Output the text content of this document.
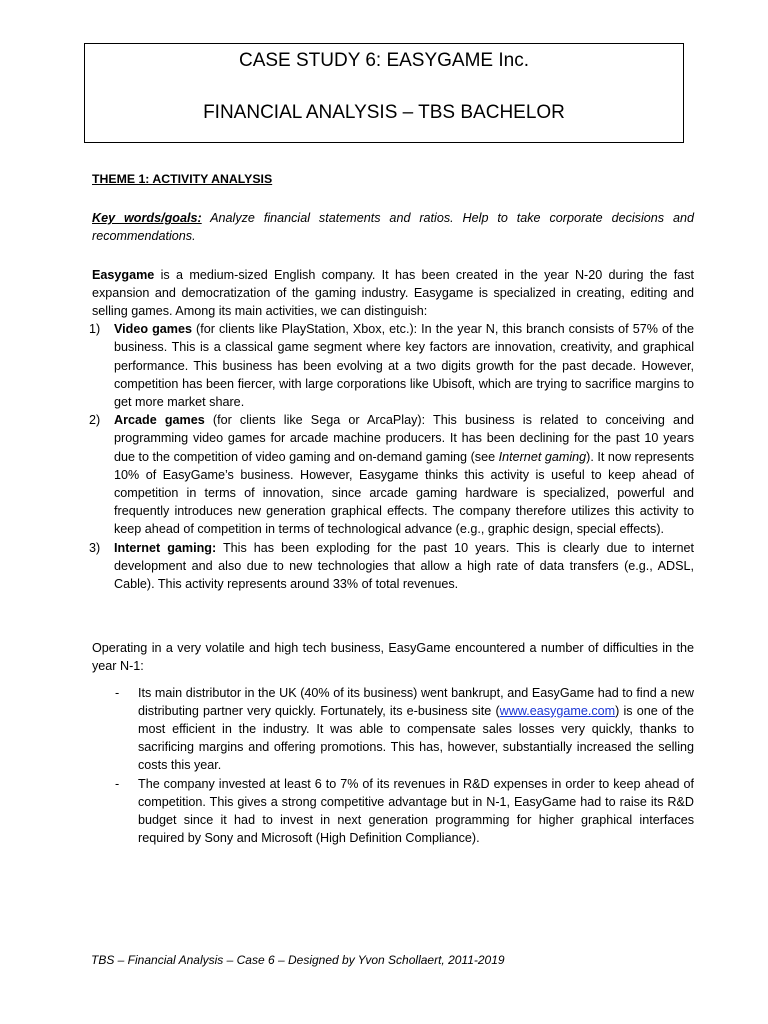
CASE STUDY 6: EASYGAME Inc.
FINANCIAL ANALYSIS – TBS BACHELOR

THEME 1: ACTIVITY ANALYSIS

Key words/goals: Analyze financial statements and ratios. Help to take corporate decisions and recommendations.

Easygame is a medium-sized English company. It has been created in the year N-20 during the fast expansion and democratization of the gaming industry. Easygame is specialized in creating, editing and selling games. Among its main activities, we can distinguish:

1) Video games (for clients like PlayStation, Xbox, etc.): In the year N, this branch consists of 57% of the business. This is a classical game segment where key factors are innovation, creativity, and graphical performance. This business has been evolving at a two digits growth for the past decade. However, competition has been fiercer, with large corporations like Ubisoft, which are trying to sacrifice margins to get more market share.
2) Arcade games (for clients like Sega or ArcaPlay): This business is related to conceiving and programming video games for arcade machine producers. It has been declining for the past 10 years due to the competition of video gaming and on-demand gaming (see Internet gaming). It now represents 10% of EasyGame’s business. However, Easygame thinks this activity is useful to keep ahead of competition in terms of innovation, since arcade gaming hardware is specialized, powerful and frequently introduces new generation graphical effects. The company therefore utilizes this activity to keep ahead of competition in terms of technological advance (e.g., graphic design, special effects).
3) Internet gaming: This has been exploding for the past 10 years. This is clearly due to internet development and also due to new technologies that allow a high rate of data transfers (e.g., ADSL, Cable). This activity represents around 33% of total revenues.

Operating in a very volatile and high tech business, EasyGame encountered a number of difficulties in the year N-1:

- Its main distributor in the UK (40% of its business) went bankrupt, and EasyGame had to find a new distributing partner very quickly. Fortunately, its e-business site (www.easygame.com) is one of the most efficient in the industry. It was able to compensate sales losses very quickly, thanks to sacrificing margins and offering promotions. This has, however, substantially increased the selling costs this year.
- The company invested at least 6 to 7% of its revenues in R&D expenses in order to keep ahead of competition. This gives a strong competitive advantage but in N-1, EasyGame had to raise its R&D budget since it had to invest in next generation programming for higher graphical interfaces required by Sony and Microsoft (High Definition Compliance).
TBS – Financial Analysis – Case 6 – Designed by Yvon Schollaert, 2011-2019
